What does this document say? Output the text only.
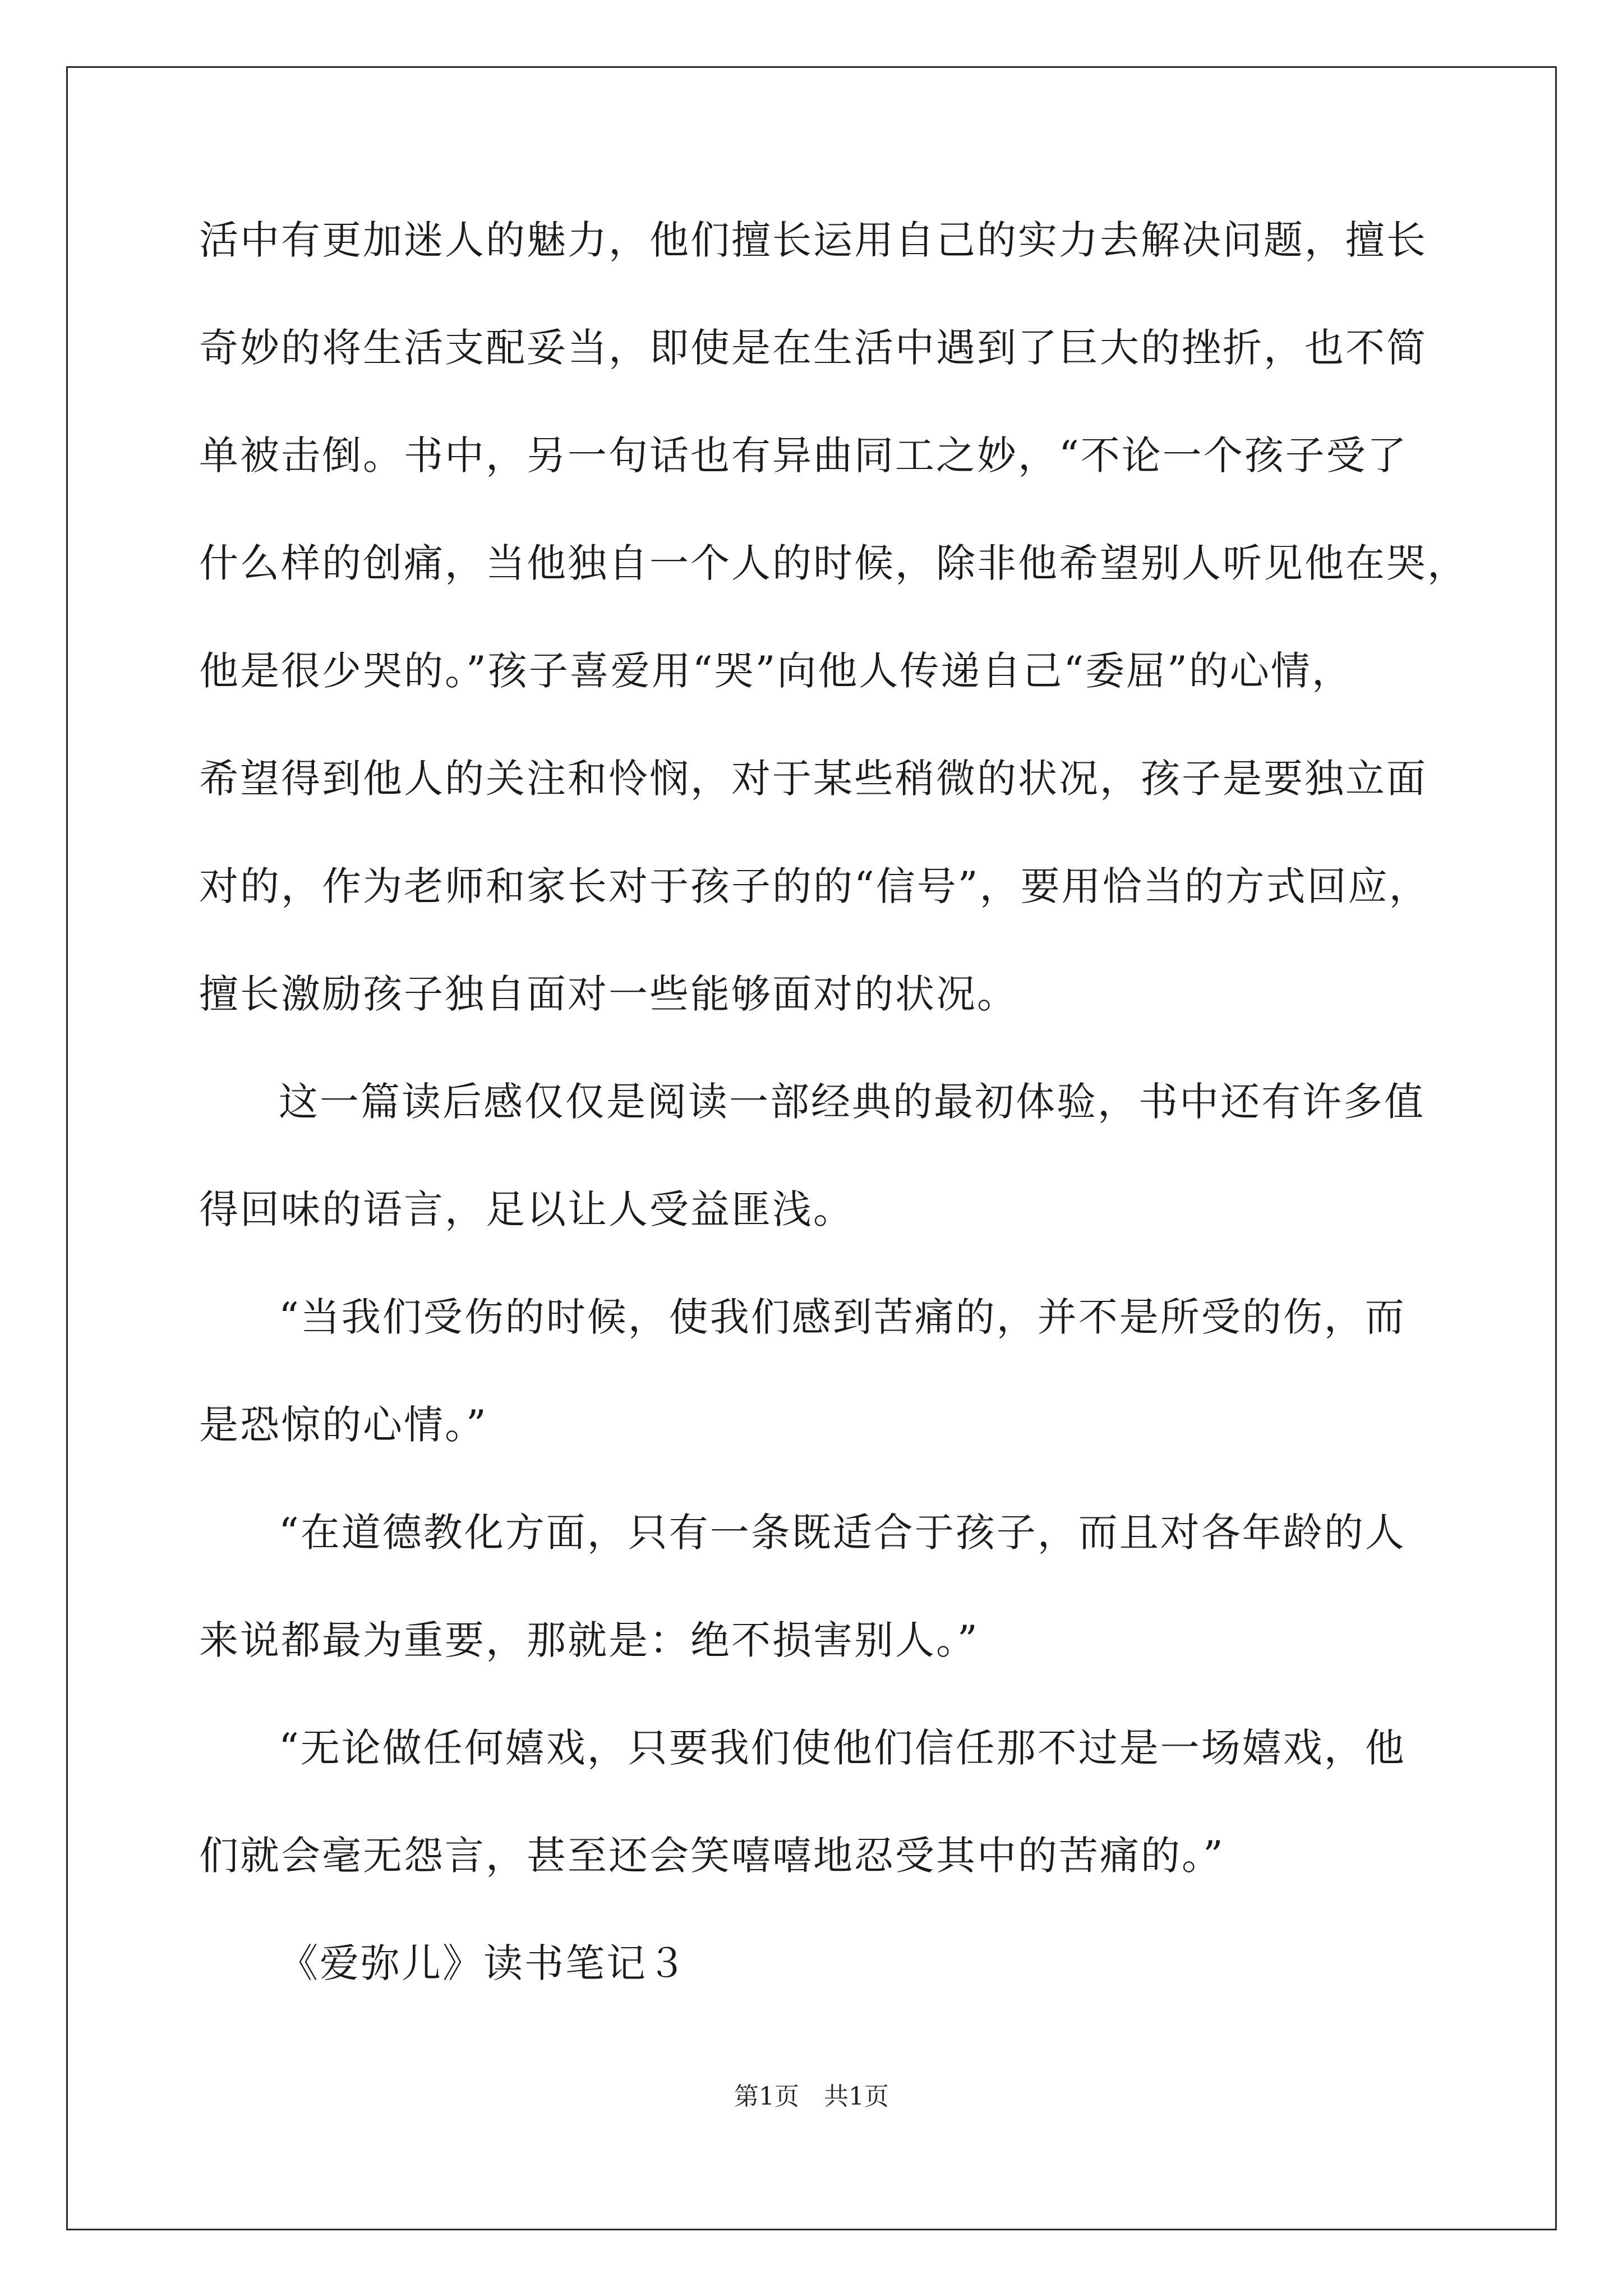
活中有更加迷人的魅力，他们擅长运用自己的实力去解决问题，擅长
奇妙的将生活支配妥当，即使是在生活中遇到了巨大的挫折，也不简
单被击倒。书中，另一句话也有异曲同工之妙，“不论一个孩子受了
什么样的创痛，当他独自一个人的时候，除非他希望别人听见他在哭，
他是很少哭的。”孩子喜爱用“哭”向他人传递自己“委屈”的心情，
希望得到他人的关注和怜悯，对于某些稍微的状况，孩子是要独立面
对的，作为老师和家长对于孩子的的“信号”，要用恰当的方式回应，
擅长激励孩子独自面对一些能够面对的状况。
这一篇读后感仅仅是阅读一部经典的最初体验，书中还有许多值
得回味的语言，足以让人受益匪浅。
“当我们受伤的时候，使我们感到苦痛的，并不是所受的伤，而
是恐惊的心情。”
“在道德教化方面，只有一条既适合于孩子，而且对各年龄的人
来说都最为重要，那就是：绝不损害别人。”
“无论做任何嬉戏，只要我们使他们信任那不过是一场嬉戏，他
们就会毫无怨言，甚至还会笑嘻嘻地忍受其中的苦痛的。”
《爱弥儿》读书笔记３
第1页　共1页
